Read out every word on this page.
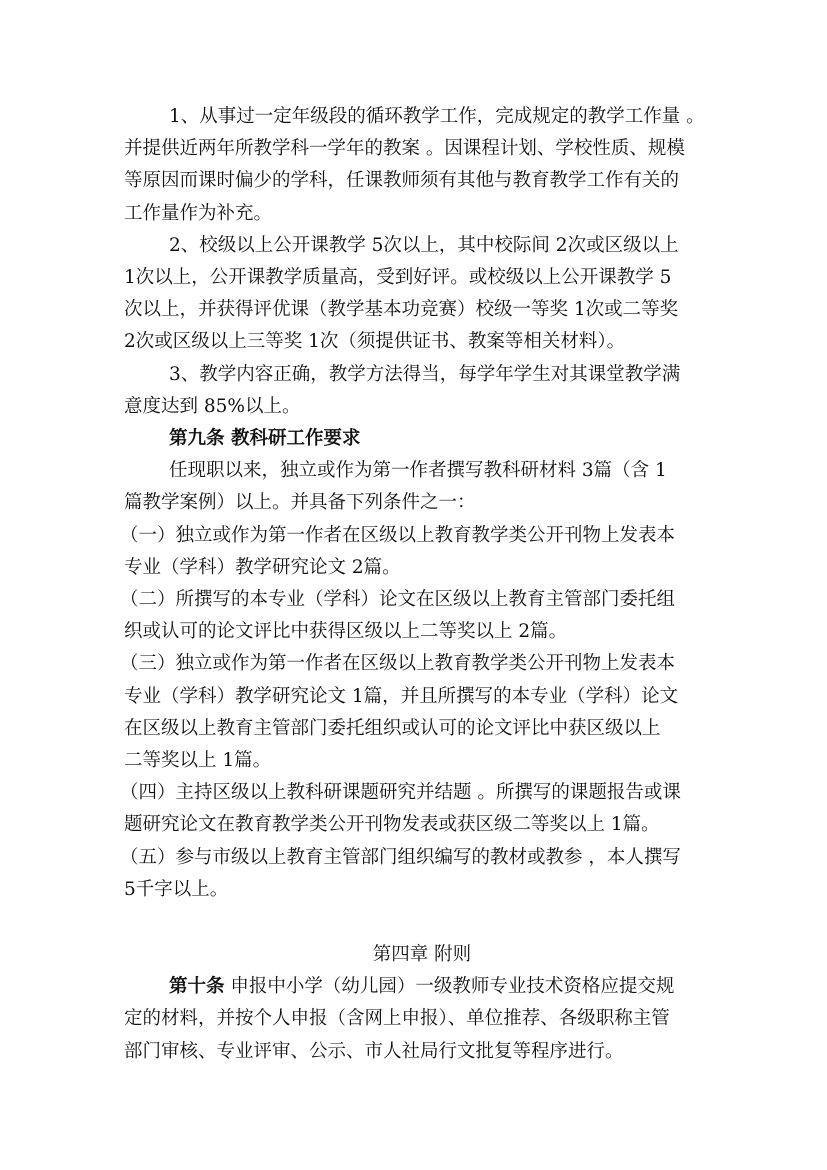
1、从事过一定年级段的循环教学工作，完成规定的教学工作量 。

并提供近两年所教学科一学年的教案 。因课程计划、学校性质、规模

等原因而课时偏少的学科，任课教师须有其他与教育教学工作有关的

工作量作为补充。

2、校级以上公开课教学 5次以上，其中校际间 2次或区级以上

1次以上，公开课教学质量高，受到好评。或校级以上公开课教学 5

次以上，并获得评优课（教学基本功竞赛）校级一等奖 1次或二等奖

2次或区级以上三等奖 1次（须提供证书、教案等相关材料）。

3、教学内容正确，教学方法得当，每学年学生对其课堂教学满

意度达到 85%以上。

第九条 教科研工作要求

任现职以来，独立或作为第一作者撰写教科研材料 3篇（含 1

篇教学案例）以上。并具备下列条件之一：

（一）独立或作为第一作者在区级以上教育教学类公开刊物上发表本

专业（学科）教学研究论文 2篇。

（二）所撰写的本专业（学科）论文在区级以上教育主管部门委托组

织或认可的论文评比中获得区级以上二等奖以上 2篇。

（三）独立或作为第一作者在区级以上教育教学类公开刊物上发表本

专业（学科）教学研究论文 1篇，并且所撰写的本专业（学科）论文

在区级以上教育主管部门委托组织或认可的论文评比中获区级以上

二等奖以上 1篇。

（四）主持区级以上教科研课题研究并结题 。所撰写的课题报告或课

题研究论文在教育教学类公开刊物发表或获区级二等奖以上 1篇。

（五）参与市级以上教育主管部门组织编写的教材或教参 ，本人撰写

5千字以上。

第四章 附则

第十条 申报中小学（幼儿园）一级教师专业技术资格应提交规

定的材料，并按个人申报（含网上申报）、单位推荐、各级职称主管

部门审核、专业评审、公示、市人社局行文批复等程序进行。
